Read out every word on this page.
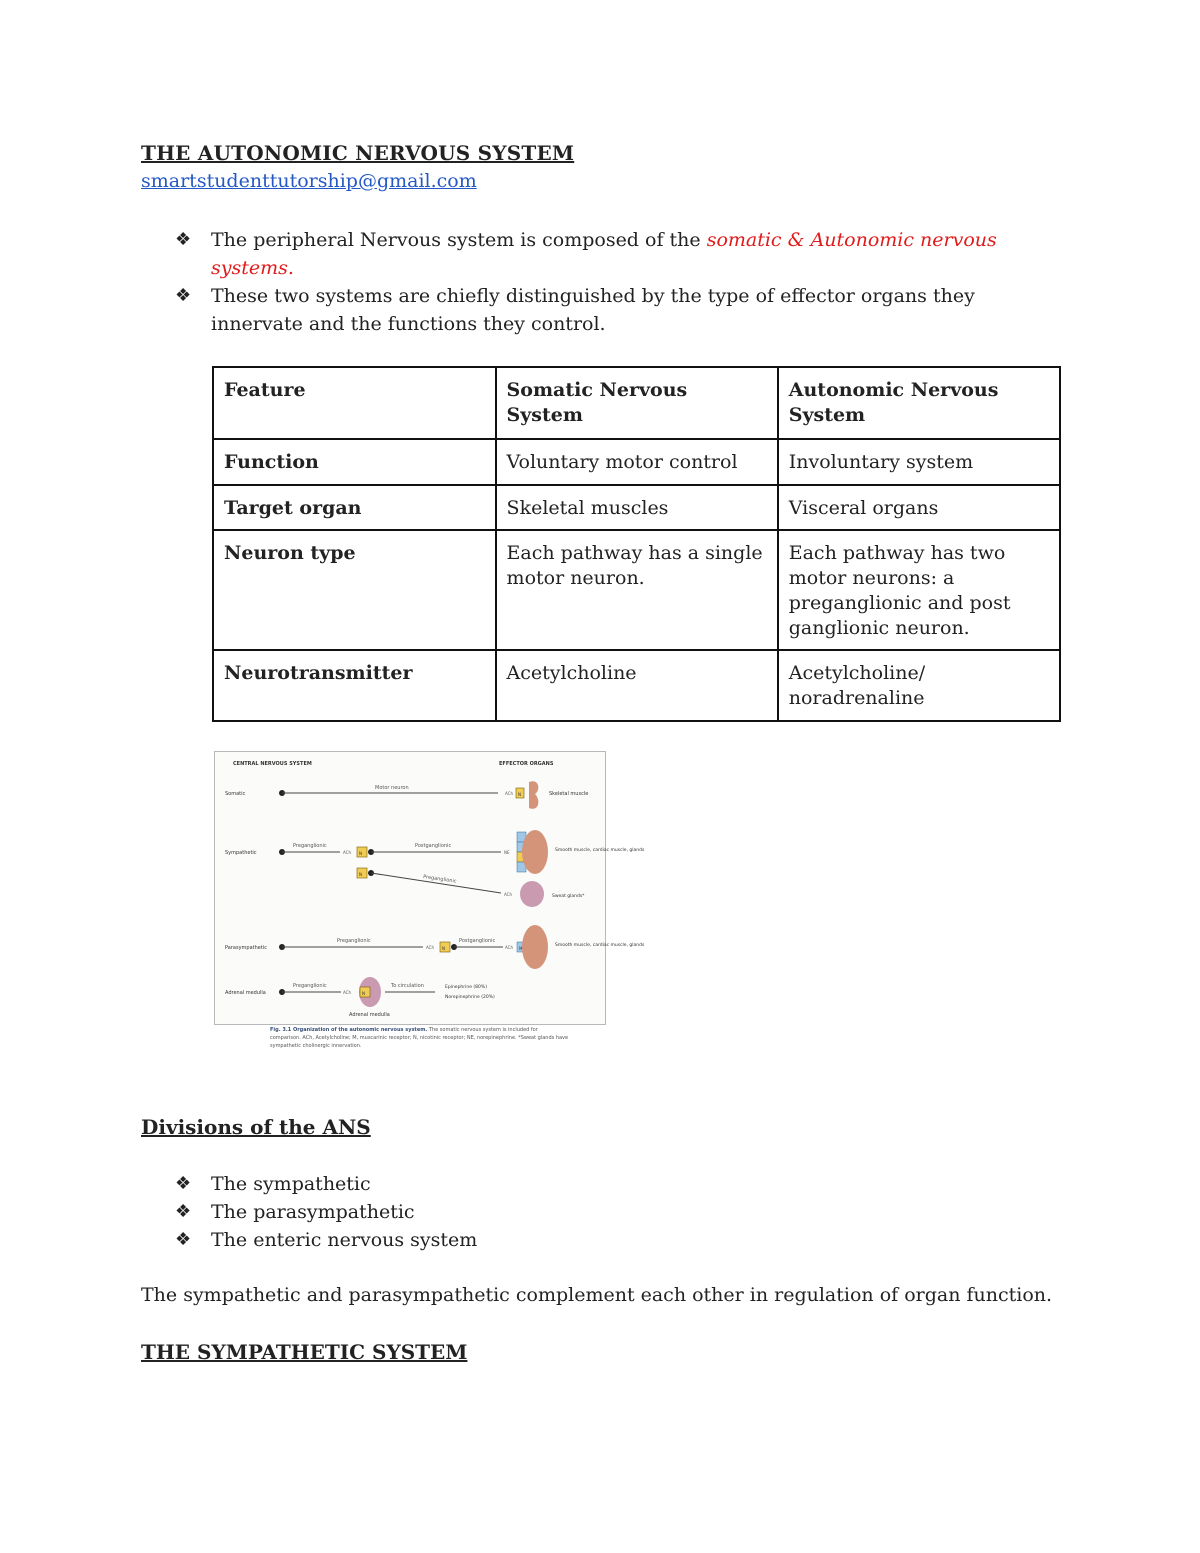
THE AUTONOMIC NERVOUS SYSTEM
smartstudenttutorship@gmail.com
❖ The peripheral Nervous system is composed of the somatic & Autonomic nervous systems.
❖ These two systems are chiefly distinguished by the type of effector organs they innervate and the functions they control.
Feature	Somatic Nervous System	Autonomic Nervous System
Function	Voluntary motor control	Involuntary system
Target organ	Skeletal muscles	Visceral organs
Neuron type	Each pathway has a single motor neuron.	Each pathway has two motor neurons: a preganglionic and post ganglionic neuron.
Neurotransmitter	Acetylcholine	Acetylcholine/ noradrenaline
CENTRAL NERVOUS SYSTEM	EFFECTOR ORGANS
Somatic
Motor neuron
ACh N	Skeletal muscle
Sympathetic
Preganglionic
ACh N
Postganglionic
NE	Smooth muscle, cardiac muscle, glands
N	Preganglionic
ACh	Sweat glands*
Parasympathetic
Preganglionic
ACh N
Postganglionic
ACh M
Smooth muscle, cardiac muscle, glands
Adrenal medulla
Preganglionic
ACh	N
Adrenal medulla
To circulation	Epinephrine (80%)
Norepinephrine (20%)
Fig. 3.1 Organization of the autonomic nervous system. The somatic nervous system is included for comparison. ACh, Acetylcholine; M, muscarinic receptor; N, nicotinic receptor; NE, norepinephrine. *Sweat glands have sympathetic cholinergic innervation.
Divisions of the ANS
❖ The sympathetic
❖ The parasympathetic
❖ The enteric nervous system
The sympathetic and parasympathetic complement each other in regulation of organ function.
THE SYMPATHETIC SYSTEM
